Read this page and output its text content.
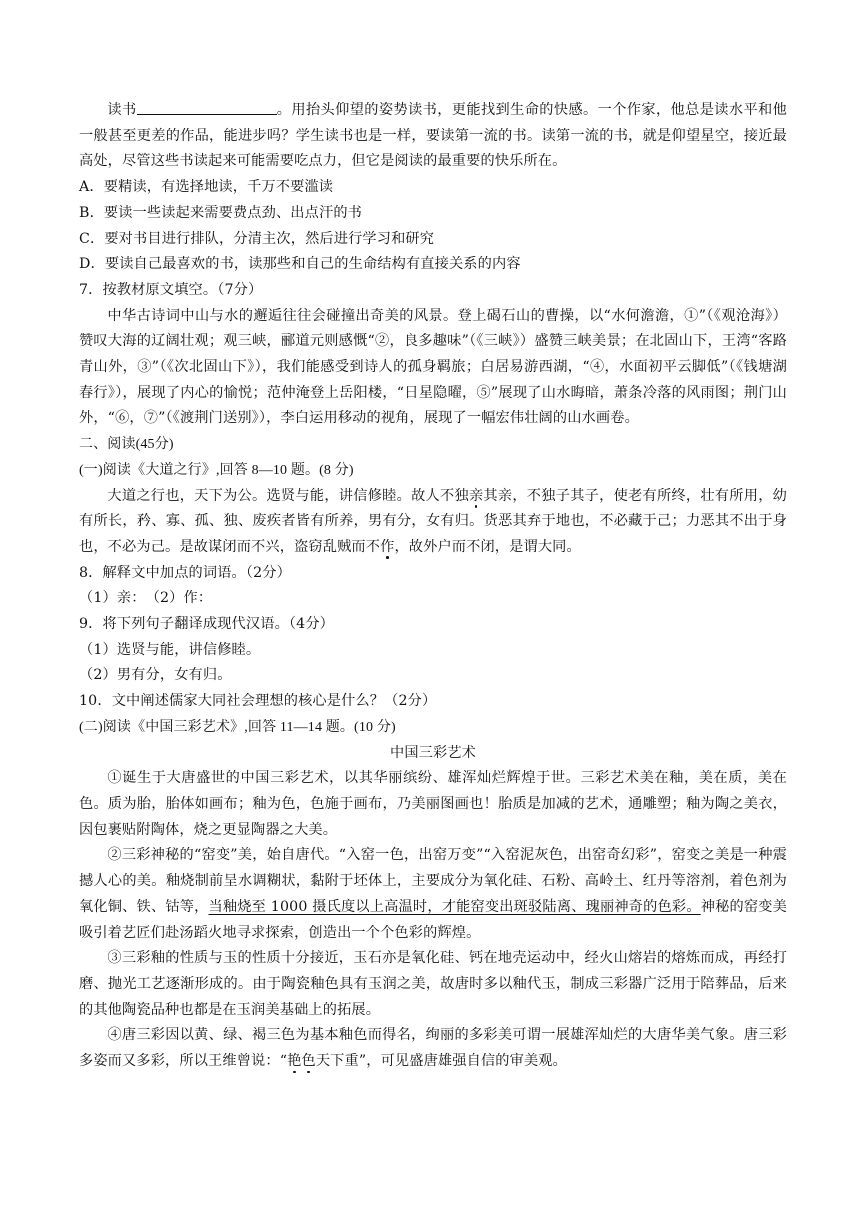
读书	。用抬头仰望的姿势读书，更能找到生命的快感。一个作家，他总是读水平和他一般甚至更差的作品，能进步吗？学生读书也是一样，要读第一流的书。读第一流的书，就是仰望星空，接近最高处，尽管这些书读起来可能需要吃点力，但它是阅读的最重要的快乐所在。

A．要精读，有选择地读，千万不要滥读

B．要读一些读起来需要费点劲、出点汗的书

C．要对书目进行排队，分清主次，然后进行学习和研究

D．要读自己最喜欢的书，读那些和自己的生命结构有直接关系的内容

7．按教材原文填空。（7分）

中华古诗词中山与水的邂逅往往会碰撞出奇美的风景。登上碣石山的曹操，以“水何澹澹，①”（《观沧海》）赞叹大海的辽阔壮观；观三峡，郦道元则感慨“②，良多趣味”（《三峡》）盛赞三峡美景；在北固山下，王湾“客路青山外，③”（《次北固山下》），我们能感受到诗人的孤身羁旅；白居易游西湖，“④，水面初平云脚低”（《钱塘湖春行》），展现了内心的愉悦；范仲淹登上岳阳楼，“日星隐曜，⑤”展现了山水晦暗，萧条冷落的风雨图；荆门山外，“⑥，⑦”（《渡荆门送别》），李白运用移动的视角，展现了一幅宏伟壮阔的山水画卷。

二、阅读(45分)

(一)阅读《大道之行》,回答 8—10 题。(8 分)

大道之行也，天下为公。选贤与能，讲信修睦。故人不独亲其亲，不独子其子，使老有所终，壮有所用，幼有所长，矜、寡、孤、独、废疾者皆有所养，男有分，女有归。货恶其弃于地也，不必藏于己；力恶其不出于身也，不必为己。是故谋闭而不兴，盗窃乱贼而不作，故外户而不闭，是谓大同。

8．解释文中加点的词语。（2分）

（1）亲：　（2）作：

9．将下列句子翻译成现代汉语。（4分）

（1）选贤与能，讲信修睦。

（2）男有分，女有归。

10．文中阐述儒家大同社会理想的核心是什么？（2分）

(二)阅读《中国三彩艺术》,回答 11—14 题。(10 分)

中国三彩艺术

①诞生于大唐盛世的中国三彩艺术，以其华丽缤纷、雄浑灿烂辉煌于世。三彩艺术美在釉，美在质，美在色。质为胎，胎体如画布；釉为色，色施于画布，乃美丽图画也！胎质是加减的艺术，通雕塑；釉为陶之美衣，因包裹贴附陶体，烧之更显陶器之大美。

②三彩神秘的“窑变”美，始自唐代。“入窑一色，出窑万变”“入窑泥灰色，出窑奇幻彩”，窑变之美是一种震撼人心的美。釉烧制前呈水调糊状，黏附于坯体上，主要成分为氧化硅、石粉、高岭土、红丹等溶剂，着色剂为氧化铜、铁、钴等，当釉烧至 1000 摄氏度以上高温时，才能窑变出斑驳陆离、瑰丽神奇的色彩。神秘的窑变美吸引着艺匠们赴汤蹈火地寻求探索，创造出一个个色彩的辉煌。

③三彩釉的性质与玉的性质十分接近，玉石亦是氧化硅、钙在地壳运动中，经火山熔岩的熔炼而成，再经打磨、抛光工艺逐渐形成的。由于陶瓷釉色具有玉润之美，故唐时多以釉代玉，制成三彩器广泛用于陪葬品，后来的其他陶瓷品种也都是在玉润美基础上的拓展。

④唐三彩因以黄、绿、褐三色为基本釉色而得名，绚丽的多彩美可谓一展雄浑灿烂的大唐华美气象。唐三彩多姿而又多彩，所以王维曾说：“艳色天下重”，可见盛唐雄强自信的审美观。
